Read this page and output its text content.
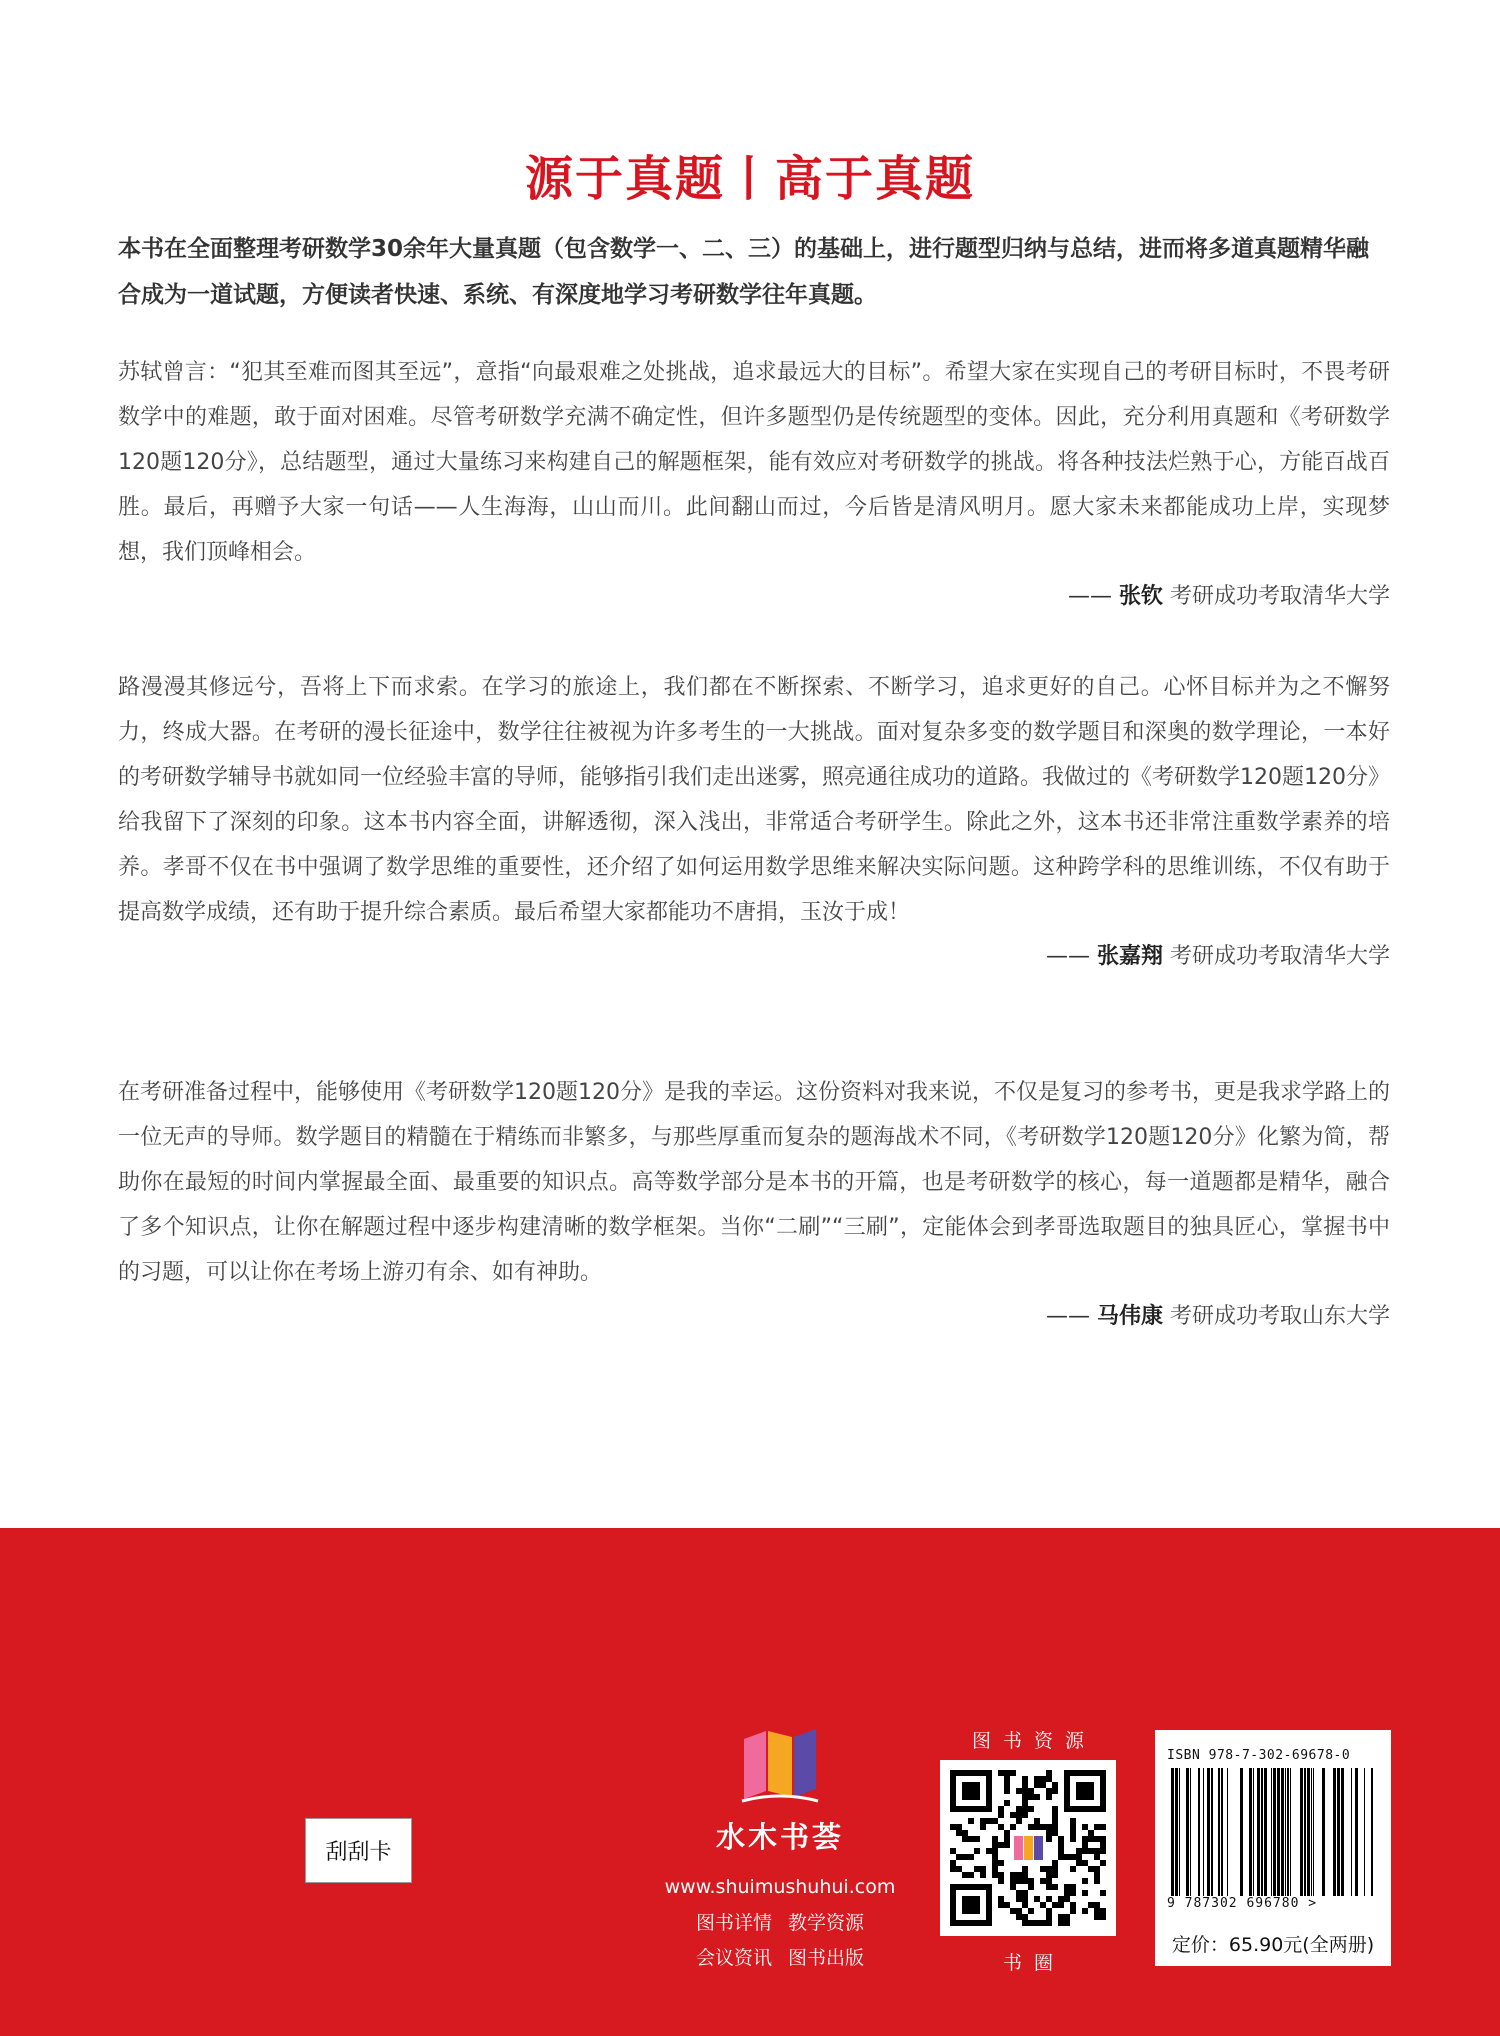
源于真题丨高于真题
本书在全面整理考研数学30余年大量真题（包含数学一、二、三）的基础上，进行题型归纳与总结，进而将多道真题精华融合成为一道试题，方便读者快速、系统、有深度地学习考研数学往年真题。

苏轼曾言：“犯其至难而图其至远”，意指“向最艰难之处挑战，追求最远大的目标”。希望大家在实现自己的考研目标时，不畏考研数学中的难题，敢于面对困难。尽管考研数学充满不确定性，但许多题型仍是传统题型的变体。因此，充分利用真题和《考研数学120题120分》，总结题型，通过大量练习来构建自己的解题框架，能有效应对考研数学的挑战。将各种技法烂熟于心，方能百战百胜。最后，再赠予大家一句话——人生海海，山山而川。此间翻山而过，今后皆是清风明月。愿大家未来都能成功上岸，实现梦想，我们顶峰相会。

—— 张钦 考研成功考取清华大学

路漫漫其修远兮，吾将上下而求索。在学习的旅途上，我们都在不断探索、不断学习，追求更好的自己。心怀目标并为之不懈努力，终成大器。在考研的漫长征途中，数学往往被视为许多考生的一大挑战。面对复杂多变的数学题目和深奥的数学理论，一本好的考研数学辅导书就如同一位经验丰富的导师，能够指引我们走出迷雾，照亮通往成功的道路。我做过的《考研数学120题120分》给我留下了深刻的印象。这本书内容全面，讲解透彻，深入浅出，非常适合考研学生。除此之外，这本书还非常注重数学素养的培养。孝哥不仅在书中强调了数学思维的重要性，还介绍了如何运用数学思维来解决实际问题。这种跨学科的思维训练，不仅有助于提高数学成绩，还有助于提升综合素质。最后希望大家都能功不唐捐，玉汝于成！

—— 张嘉翔 考研成功考取清华大学

在考研准备过程中，能够使用《考研数学120题120分》是我的幸运。这份资料对我来说，不仅是复习的参考书，更是我求学路上的一位无声的导师。数学题目的精髓在于精练而非繁多，与那些厚重而复杂的题海战术不同，《考研数学120题120分》化繁为简，帮助你在最短的时间内掌握最全面、最重要的知识点。高等数学部分是本书的开篇，也是考研数学的核心，每一道题都是精华，融合了多个知识点，让你在解题过程中逐步构建清晰的数学框架。当你“二刷”“三刷”，定能体会到孝哥选取题目的独具匠心，掌握书中的习题，可以让你在考场上游刃有余、如有神助。

—— 马伟康 考研成功考取山东大学
刮刮卡	水木书荟
www.shuimushuhui.com
图书详情 教学资源
会议资讯 图书出版
图书资源
书圈
ISBN 978-7-302-69678-0
9 787302 696780 >
定价：65.90元(全两册)
